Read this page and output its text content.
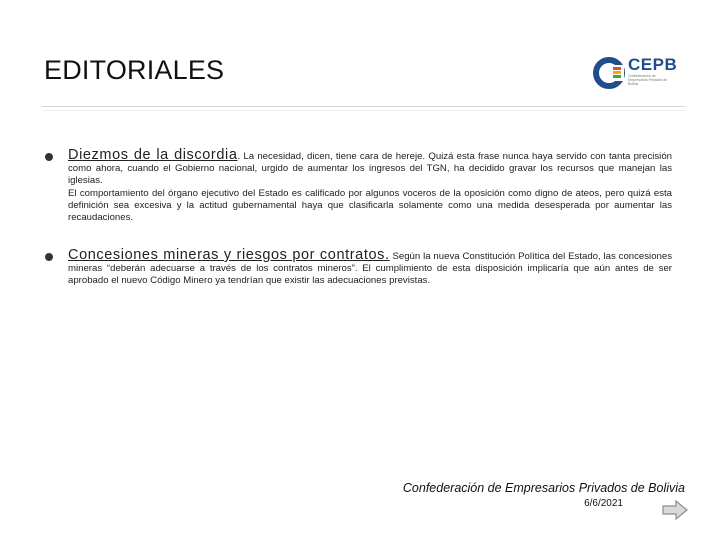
EDITORIALES	CEPB
Confederación de Empresarios Privados de Bolivia

Diezmos de la discordia. La necesidad, dicen, tiene cara de hereje. Quizá esta frase nunca haya servido con tanta precisión como ahora, cuando el Gobierno nacional, urgido de aumentar los ingresos del TGN, ha decidido gravar los recursos que manejan las iglesias.

El comportamiento del órgano ejecutivo del Estado es calificado por algunos voceros de la oposición como digno de ateos, pero quizá esta definición sea excesiva y la actitud gubernamental haya que clasificarla solamente como una medida desesperada por aumentar las recaudaciones.

Concesiones mineras y riesgos por contratos. Según la nueva Constitución Política del Estado, las concesiones mineras “deberán adecuarse a través de los contratos mineros”. El cumplimiento de esta disposición implicaría que aún antes de ser aprobado el nuevo Código Minero ya tendrían que existir las adecuaciones previstas.

Confederación de Empresarios Privados de Bolivia
6/6/2021
